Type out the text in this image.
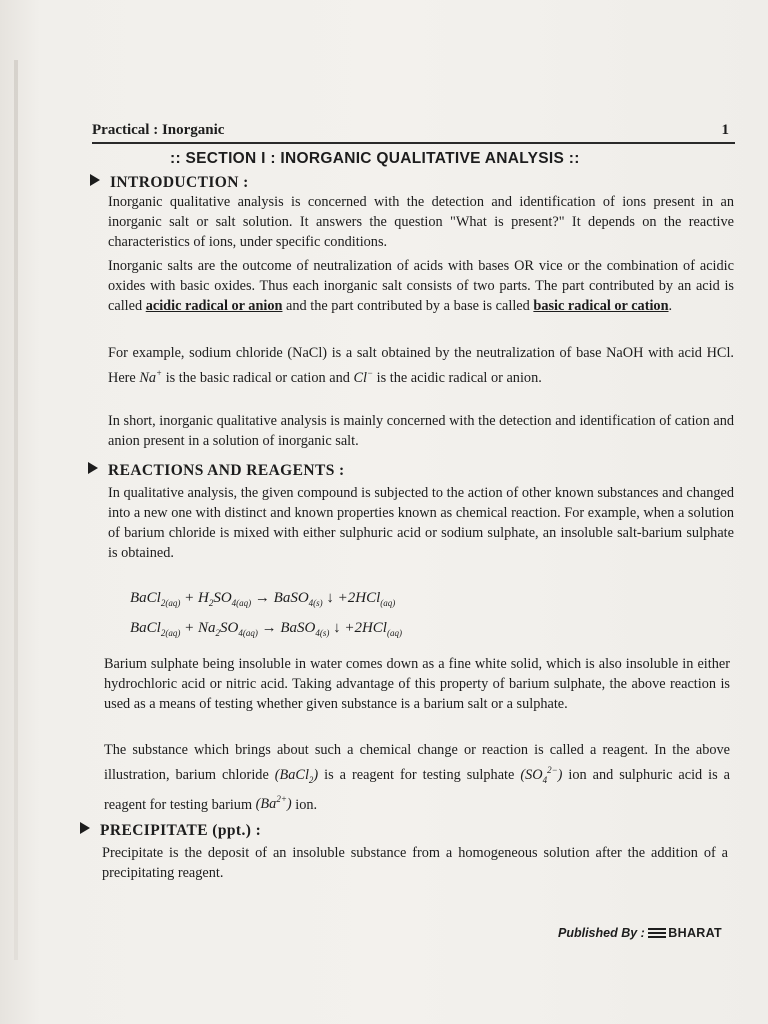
Practical : Inorganic	1
:: SECTION I : INORGANIC QUALITATIVE ANALYSIS ::
INTRODUCTION :
Inorganic qualitative analysis is concerned with the detection and identification of ions present in an inorganic salt or salt solution. It answers the question "What is present?" It depends on the reactive characteristics of ions, under specific conditions.
Inorganic salts are the outcome of neutralization of acids with bases OR vice or the combination of acidic oxides with basic oxides. Thus each inorganic salt consists of two parts. The part contributed by an acid is called acidic radical or anion and the part contributed by a base is called basic radical or cation.
For example, sodium chloride (NaCl) is a salt obtained by the neutralization of base NaOH with acid HCl. Here Na+ is the basic radical or cation and Cl− is the acidic radical or anion.
In short, inorganic qualitative analysis is mainly concerned with the detection and identification of cation and anion present in a solution of inorganic salt.
REACTIONS AND REAGENTS :
In qualitative analysis, the given compound is subjected to the action of other known substances and changed into a new one with distinct and known properties known as chemical reaction. For example, when a solution of barium chloride is mixed with either sulphuric acid or sodium sulphate, an insoluble salt-barium sulphate is obtained.
BaCl$_{2(aq)}$ + $H_2SO_{4(aq)}$ → BaSO$_{4(s)}$ ↓ +2HCl$_{(aq)}$
BaCl$_{2(aq)}$ + $Na_2SO_{4(aq)}$ → BaSO$_{4(s)}$ ↓ +2HCl$_{(aq)}$
Barium sulphate being insoluble in water comes down as a fine white solid, which is also insoluble in either hydrochloric acid or nitric acid. Taking advantage of this property of barium sulphate, the above reaction is used as a means of testing whether given substance is a barium salt or a sulphate.
The substance which brings about such a chemical change or reaction is called a reagent. In the above illustration, barium chloride (BaCl$_2$) is a reagent for testing sulphate $(SO_4^{2-})$ ion and sulphuric acid is a reagent for testing barium $(Ba^{2+})$ ion.
PRECIPITATE (ppt.) :
Precipitate is the deposit of an insoluble substance from a homogeneous solution after the addition of a precipitating reagent.
Published By : BHARAT
